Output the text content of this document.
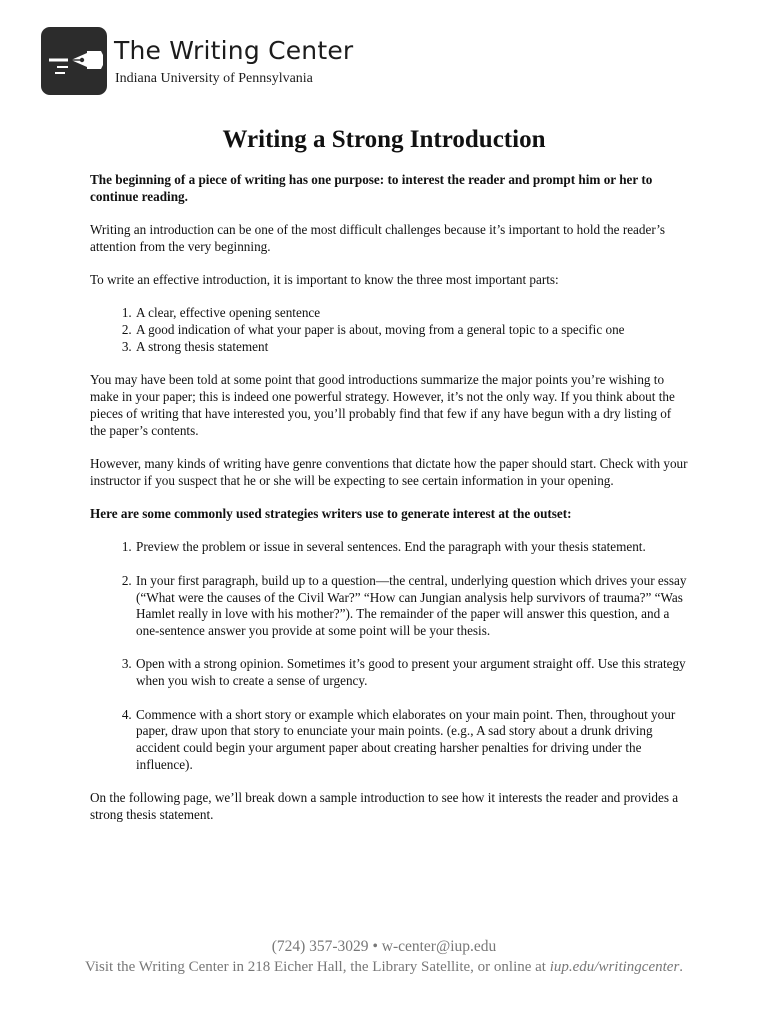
The Writing Center
Indiana University of Pennsylvania
Writing a Strong Introduction

The beginning of a piece of writing has one purpose: to interest the reader and prompt him or her to continue reading.

Writing an introduction can be one of the most difficult challenges because it’s important to hold the reader’s attention from the very beginning.

To write an effective introduction, it is important to know the three most important parts:

1. A clear, effective opening sentence
2. A good indication of what your paper is about, moving from a general topic to a specific one
3. A strong thesis statement

You may have been told at some point that good introductions summarize the major points you’re wishing to make in your paper; this is indeed one powerful strategy. However, it’s not the only way. If you think about the pieces of writing that have interested you, you’ll probably find that few if any have begun with a dry listing of the paper’s contents.

However, many kinds of writing have genre conventions that dictate how the paper should start. Check with your instructor if you suspect that he or she will be expecting to see certain information in your opening.

Here are some commonly used strategies writers use to generate interest at the outset:

1. Preview the problem or issue in several sentences. End the paragraph with your thesis statement.
2. In your first paragraph, build up to a question—the central, underlying question which drives your essay (“What were the causes of the Civil War?” “How can Jungian analysis help survivors of trauma?” “Was Hamlet really in love with his mother?”). The remainder of the paper will answer this question, and a one-sentence answer you provide at some point will be your thesis.
3. Open with a strong opinion. Sometimes it’s good to present your argument straight off. Use this strategy when you wish to create a sense of urgency.
4. Commence with a short story or example which elaborates on your main point. Then, throughout your paper, draw upon that story to enunciate your main points. (e.g., A sad story about a drunk driving accident could begin your argument paper about creating harsher penalties for driving under the influence).

On the following page, we’ll break down a sample introduction to see how it interests the reader and provides a strong thesis statement.

(724) 357-3029 • w-center@iup.edu
Visit the Writing Center in 218 Eicher Hall, the Library Satellite, or online at iup.edu/writingcenter.
